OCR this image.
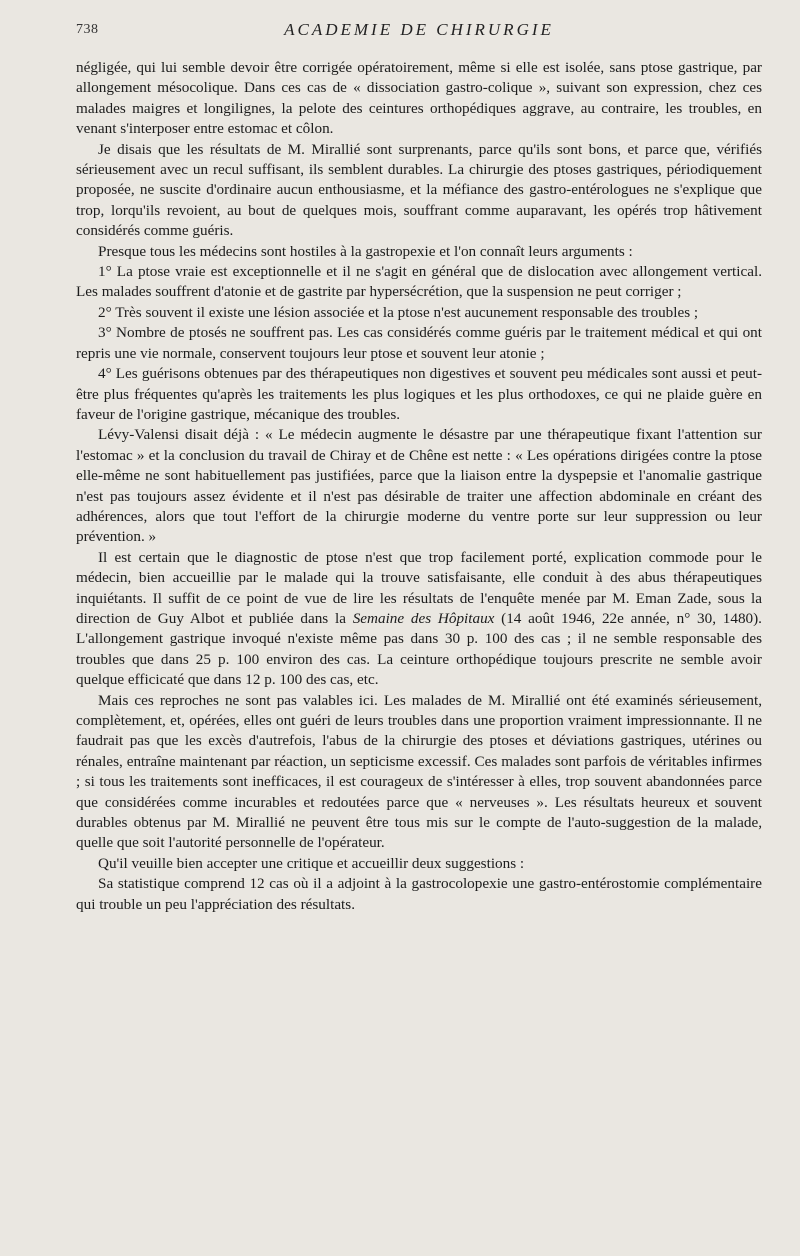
738	ACADEMIE DE CHIRURGIE

négligée, qui lui semble devoir être corrigée opératoirement, même si elle est isolée, sans ptose gastrique, par allongement mésocolique. Dans ces cas de « dissociation gastro-colique », suivant son expression, chez ces malades maigres et longilignes, la pelote des ceintures orthopédiques aggrave, au contraire, les troubles, en venant s'interposer entre estomac et côlon.

Je disais que les résultats de M. Mirallié sont surprenants, parce qu'ils sont bons, et parce que, vérifiés sérieusement avec un recul suffisant, ils semblent durables. La chirurgie des ptoses gastriques, périodiquement proposée, ne suscite d'ordinaire aucun enthousiasme, et la méfiance des gastro-entérologues ne s'explique que trop, lorqu'ils revoient, au bout de quelques mois, souffrant comme auparavant, les opérés trop hâtivement considérés comme guéris.

Presque tous les médecins sont hostiles à la gastropexie et l'on connaît leurs arguments :

1° La ptose vraie est exceptionnelle et il ne s'agit en général que de dislocation avec allongement vertical. Les malades souffrent d'atonie et de gastrite par hypersécrétion, que la suspension ne peut corriger ;

2° Très souvent il existe une lésion associée et la ptose n'est aucunement responsable des troubles ;

3° Nombre de ptosés ne souffrent pas. Les cas considérés comme guéris par le traitement médical et qui ont repris une vie normale, conservent toujours leur ptose et souvent leur atonie ;

4° Les guérisons obtenues par des thérapeutiques non digestives et souvent peu médicales sont aussi et peut-être plus fréquentes qu'après les traitements les plus logiques et les plus orthodoxes, ce qui ne plaide guère en faveur de l'origine gastrique, mécanique des troubles.

Lévy-Valensi disait déjà : « Le médecin augmente le désastre par une thérapeutique fixant l'attention sur l'estomac » et la conclusion du travail de Chiray et de Chêne est nette : « Les opérations dirigées contre la ptose elle-même ne sont habituellement pas justifiées, parce que la liaison entre la dyspepsie et l'anomalie gastrique n'est pas toujours assez évidente et il n'est pas désirable de traiter une affection abdominale en créant des adhérences, alors que tout l'effort de la chirurgie moderne du ventre porte sur leur suppression ou leur prévention. »

Il est certain que le diagnostic de ptose n'est que trop facilement porté, explication commode pour le médecin, bien accueillie par le malade qui la trouve satisfaisante, elle conduit à des abus thérapeutiques inquiétants. Il suffit de ce point de vue de lire les résultats de l'enquête menée par M. Eman Zade, sous la direction de Guy Albot et publiée dans la Semaine des Hôpitaux (14 août 1946, 22e année, n° 30, 1480). L'allongement gastrique invoqué n'existe même pas dans 30 p. 100 des cas ; il ne semble responsable des troubles que dans 25 p. 100 environ des cas. La ceinture orthopédique toujours prescrite ne semble avoir quelque efficicaté que dans 12 p. 100 des cas, etc.

Mais ces reproches ne sont pas valables ici. Les malades de M. Mirallié ont été examinés sérieusement, complètement, et, opérées, elles ont guéri de leurs troubles dans une proportion vraiment impressionnante. Il ne faudrait pas que les excès d'autrefois, l'abus de la chirurgie des ptoses et déviations gastriques, utérines ou rénales, entraîne maintenant par réaction, un septicisme excessif. Ces malades sont parfois de véritables infirmes ; si tous les traitements sont inefficaces, il est courageux de s'intéresser à elles, trop souvent abandonnées parce que considérées comme incurables et redoutées parce que « nerveuses ». Les résultats heureux et souvent durables obtenus par M. Mirallié ne peuvent être tous mis sur le compte de l'auto-suggestion de la malade, quelle que soit l'autorité personnelle de l'opérateur.

Qu'il veuille bien accepter une critique et accueillir deux suggestions :

Sa statistique comprend 12 cas où il a adjoint à la gastrocolopexie une gastro-entérostomie complémentaire qui trouble un peu l'appréciation des résultats.
